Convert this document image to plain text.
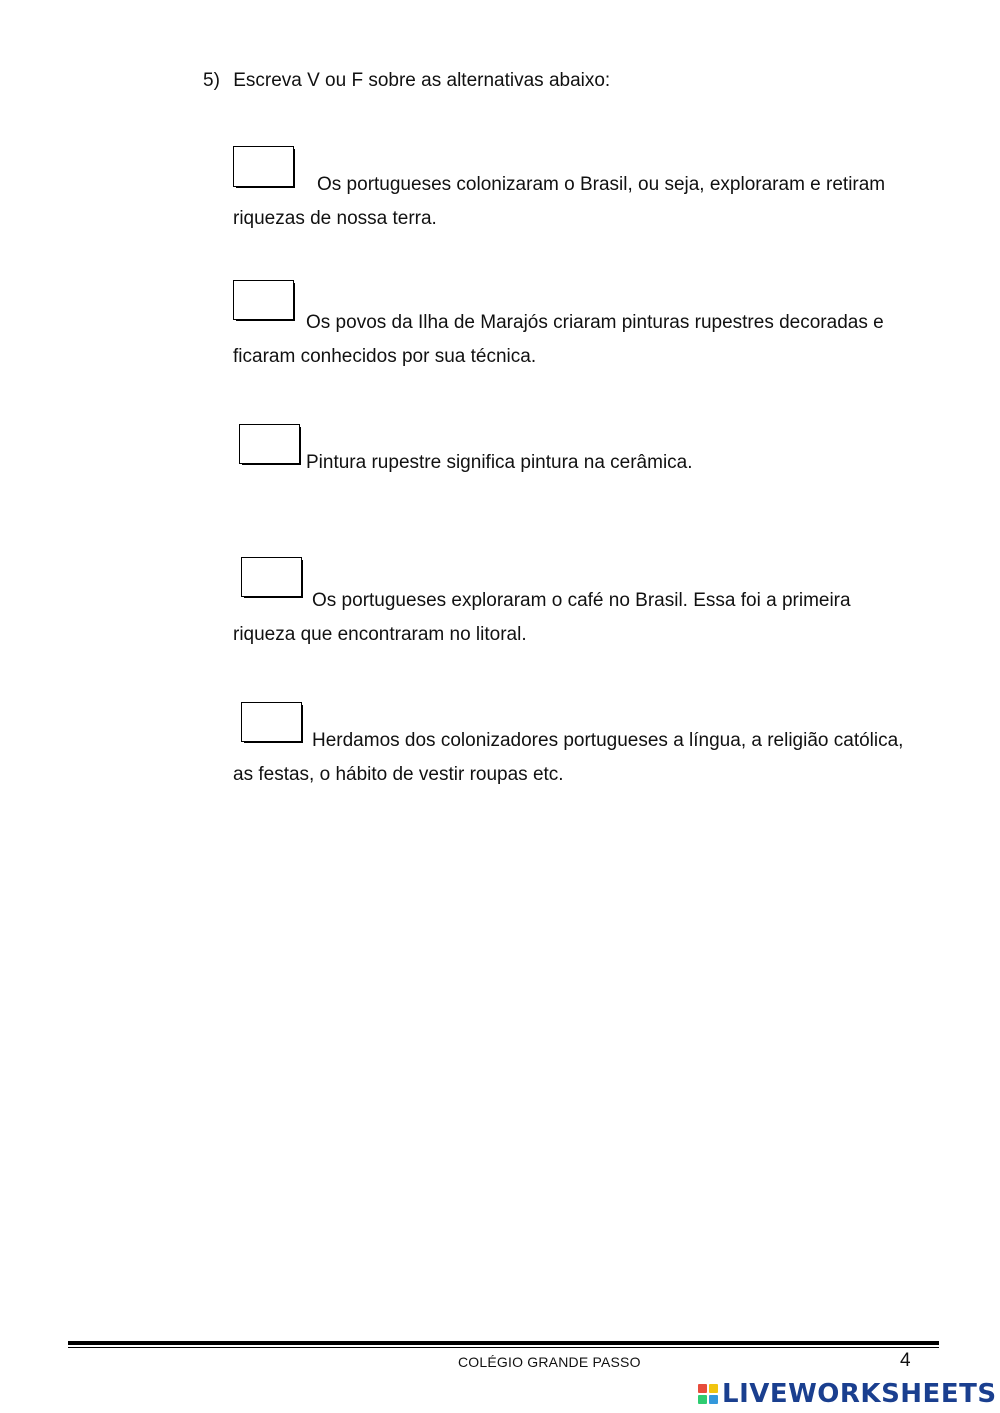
5) Escreva V ou F sobre as alternativas abaixo:
Os portugueses colonizaram o Brasil, ou seja, exploraram e retiram
riquezas de nossa terra.
Os povos da Ilha de Marajós criaram pinturas rupestres decoradas e
ficaram conhecidos por sua técnica.
Pintura rupestre significa pintura na cerâmica.
Os portugueses exploraram o café no Brasil. Essa foi a primeira
riqueza que encontraram no litoral.
Herdamos dos colonizadores portugueses a língua, a religião católica,
as festas, o hábito de vestir roupas etc.
COLÉGIO GRANDE PASSO	4
LIVEWORKSHEETS
